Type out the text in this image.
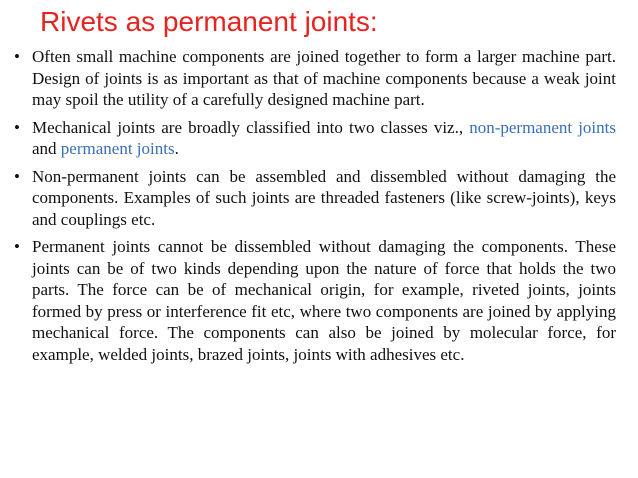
Rivets as permanent joints:
• Often small machine components are joined together to form a larger machine part. Design of joints is as important as that of machine components because a weak joint may spoil the utility of a carefully designed machine part.
• Mechanical joints are broadly classified into two classes viz., non-permanent joints and permanent joints.
• Non-permanent joints can be assembled and dissembled without damaging the components. Examples of such joints are threaded fasteners (like screw-joints), keys and couplings etc.
• Permanent joints cannot be dissembled without damaging the components. These joints can be of two kinds depending upon the nature of force that holds the two parts. The force can be of mechanical origin, for example, riveted joints, joints formed by press or interference fit etc, where two components are joined by applying mechanical force. The components can also be joined by molecular force, for example, welded joints, brazed joints, joints with adhesives etc.
